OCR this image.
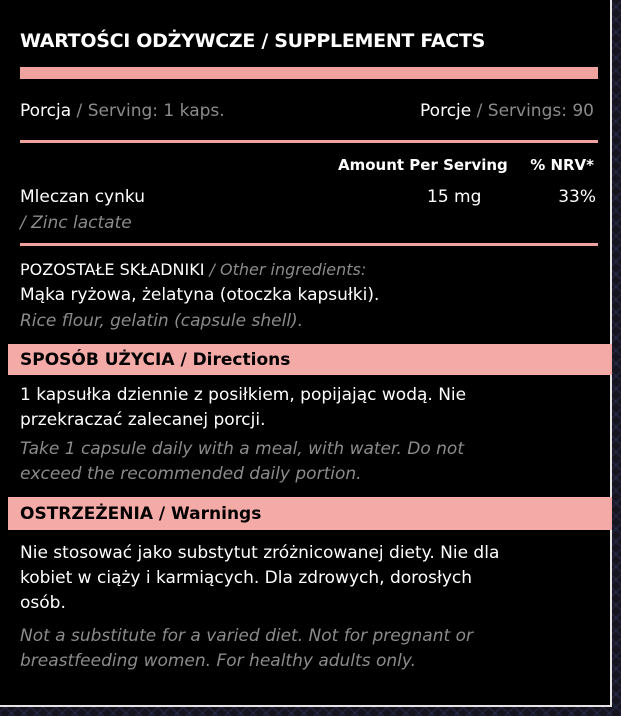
WARTOŚCI ODŻYWCZE / SUPPLEMENT FACTS
Porcja / Serving: 1 kaps.	Porcje / Servings: 90
Amount Per Serving % NRV*
Mleczan cynku
/ Zinc lactate
15 mg	33%
POZOSTAŁE SKŁADNIKI / Other ingredients:
Mąka ryżowa, żelatyna (otoczka kapsułki).
Rice flour, gelatin (capsule shell).
SPOSÓB UŻYCIA / Directions
1 kapsułka dziennie z posiłkiem, popijając wodą. Nie
przekraczać zalecanej porcji.
Take 1 capsule daily with a meal, with water. Do not
exceed the recommended daily portion.
OSTRZEŻENIA / Warnings
Nie stosować jako substytut zróżnicowanej diety. Nie dla
kobiet w ciąży i karmiących. Dla zdrowych, dorosłych
osób.
Not a substitute for a varied diet. Not for pregnant or
breastfeeding women. For healthy adults only.
